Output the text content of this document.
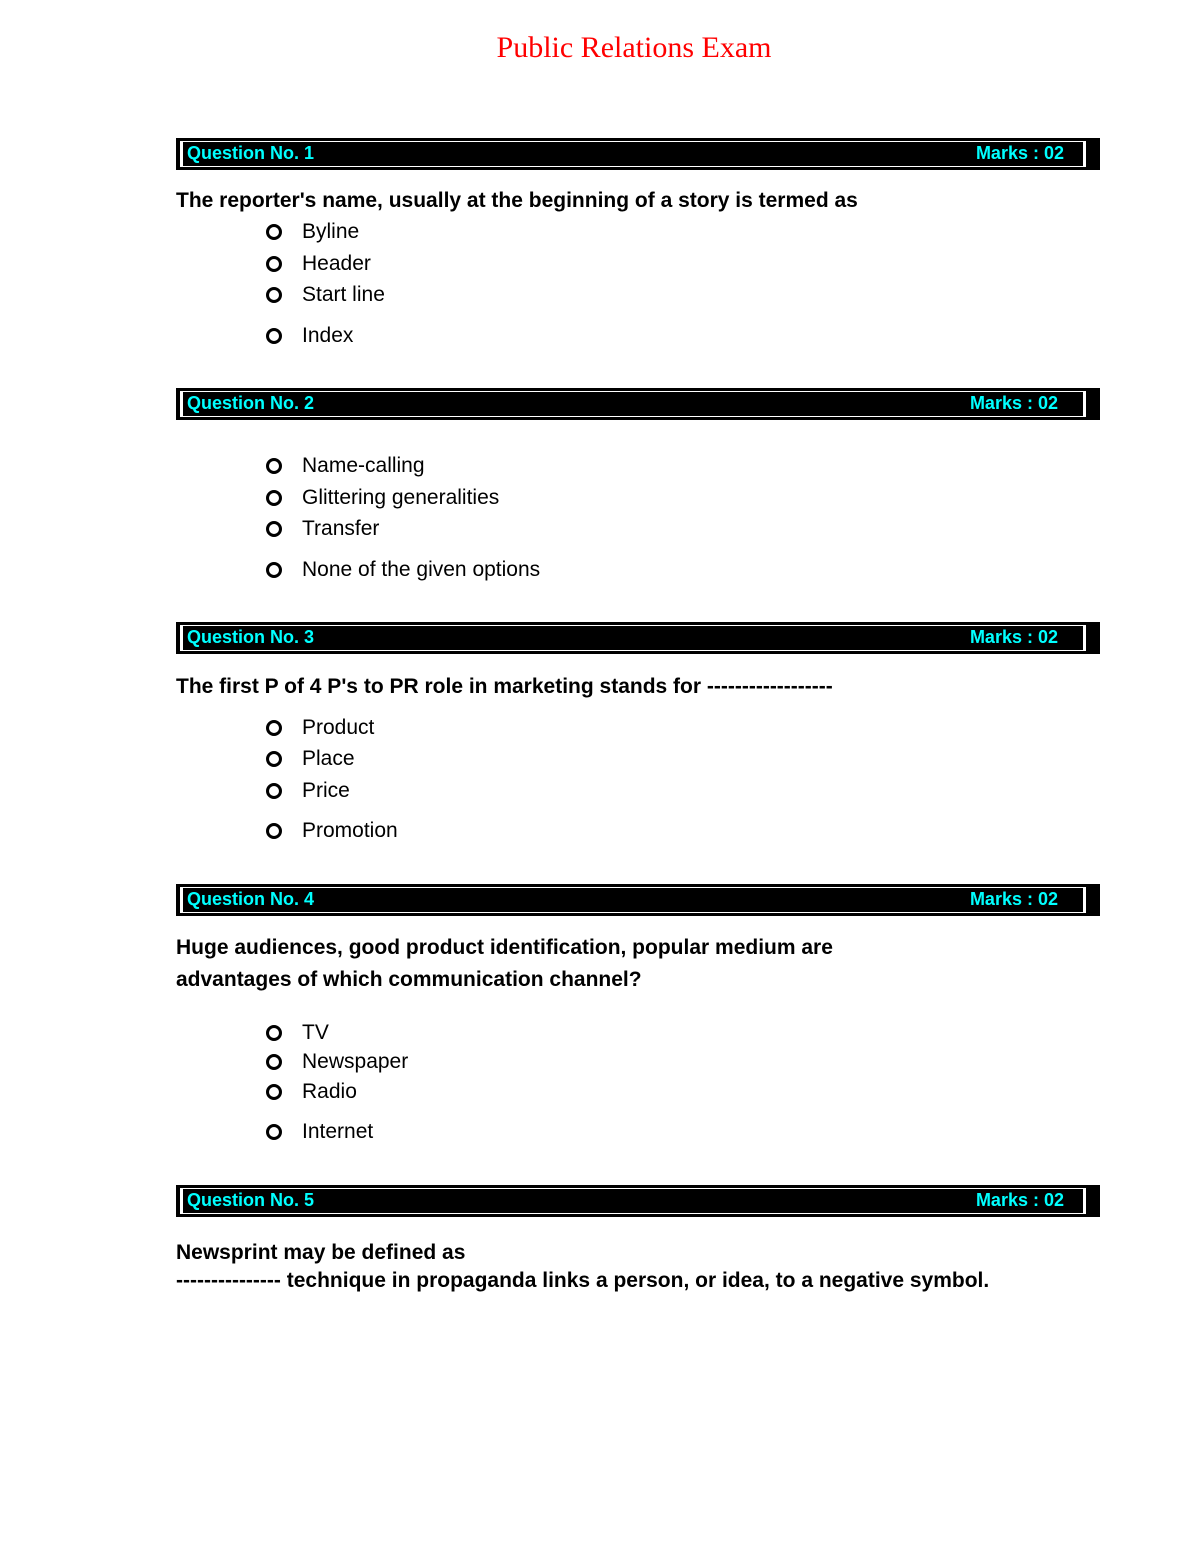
Public Relations Exam
Question No. 1	Marks : 02
The reporter's name, usually at the beginning of a story is termed as
Byline
Header
Start line
Index
Question No. 2	Marks : 02
Name-calling
Glittering generalities
Transfer
None of the given options
Question No. 3	Marks : 02
The first P of 4 P's to PR role in marketing stands for ------------------
Product
Place
Price
Promotion
Question No. 4	Marks : 02
Huge audiences, good product identification, popular medium are
advantages of which communication channel?
TV
Newspaper
Radio
Internet
Question No. 5	Marks : 02
Newsprint may be defined as
--------------- technique in propaganda links a person, or idea, to a negative symbol.
